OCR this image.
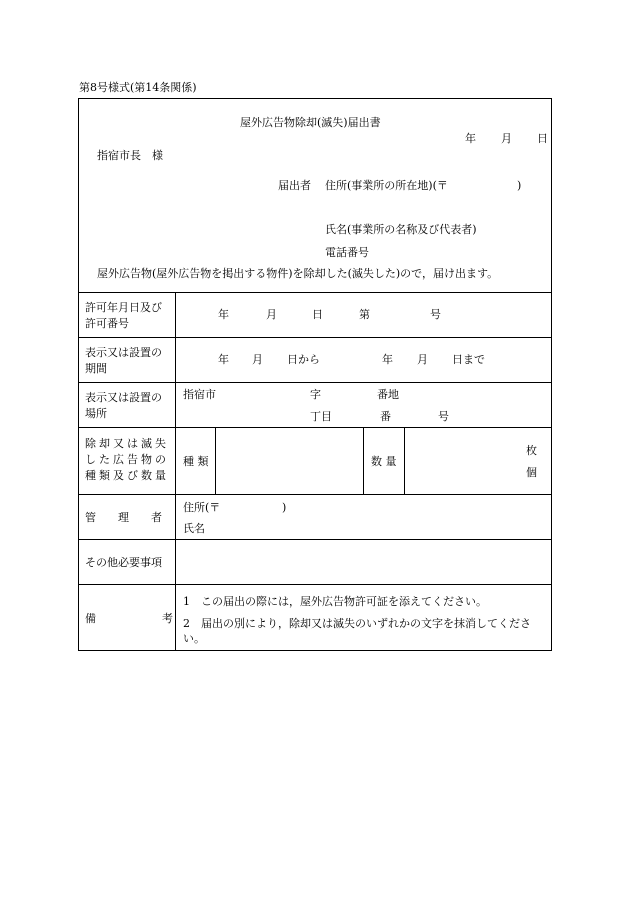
第8号様式(第14条関係)
屋外広告物除却(滅失)届出書
年 月 日
指宿市長　様
届出者 住所(事業所の所在地)(〒	)
氏名(事業所の名称及び代表者)
電話番号
屋外広告物(屋外広告物を掲出する物件)を除却した(滅失した)ので，届け出ます。
許可年月日及び
許可番号
年	月	日	第	号
表示又は設置の
期間
年 月 日から	年 月 日まで
表示又は設置の
場所
指宿市	字	番地
丁目	番	号
除却又は滅失
した広告物の
種類及び数量
種 類	数 量
枚
個
管　　理　　者
住所(〒	)
氏名
その他必要事項
備	考
1　この届出の際には，屋外広告物許可証を添えてください。
2　届出の別により，除却又は滅失のいずれかの文字を抹消してくださ
い。
